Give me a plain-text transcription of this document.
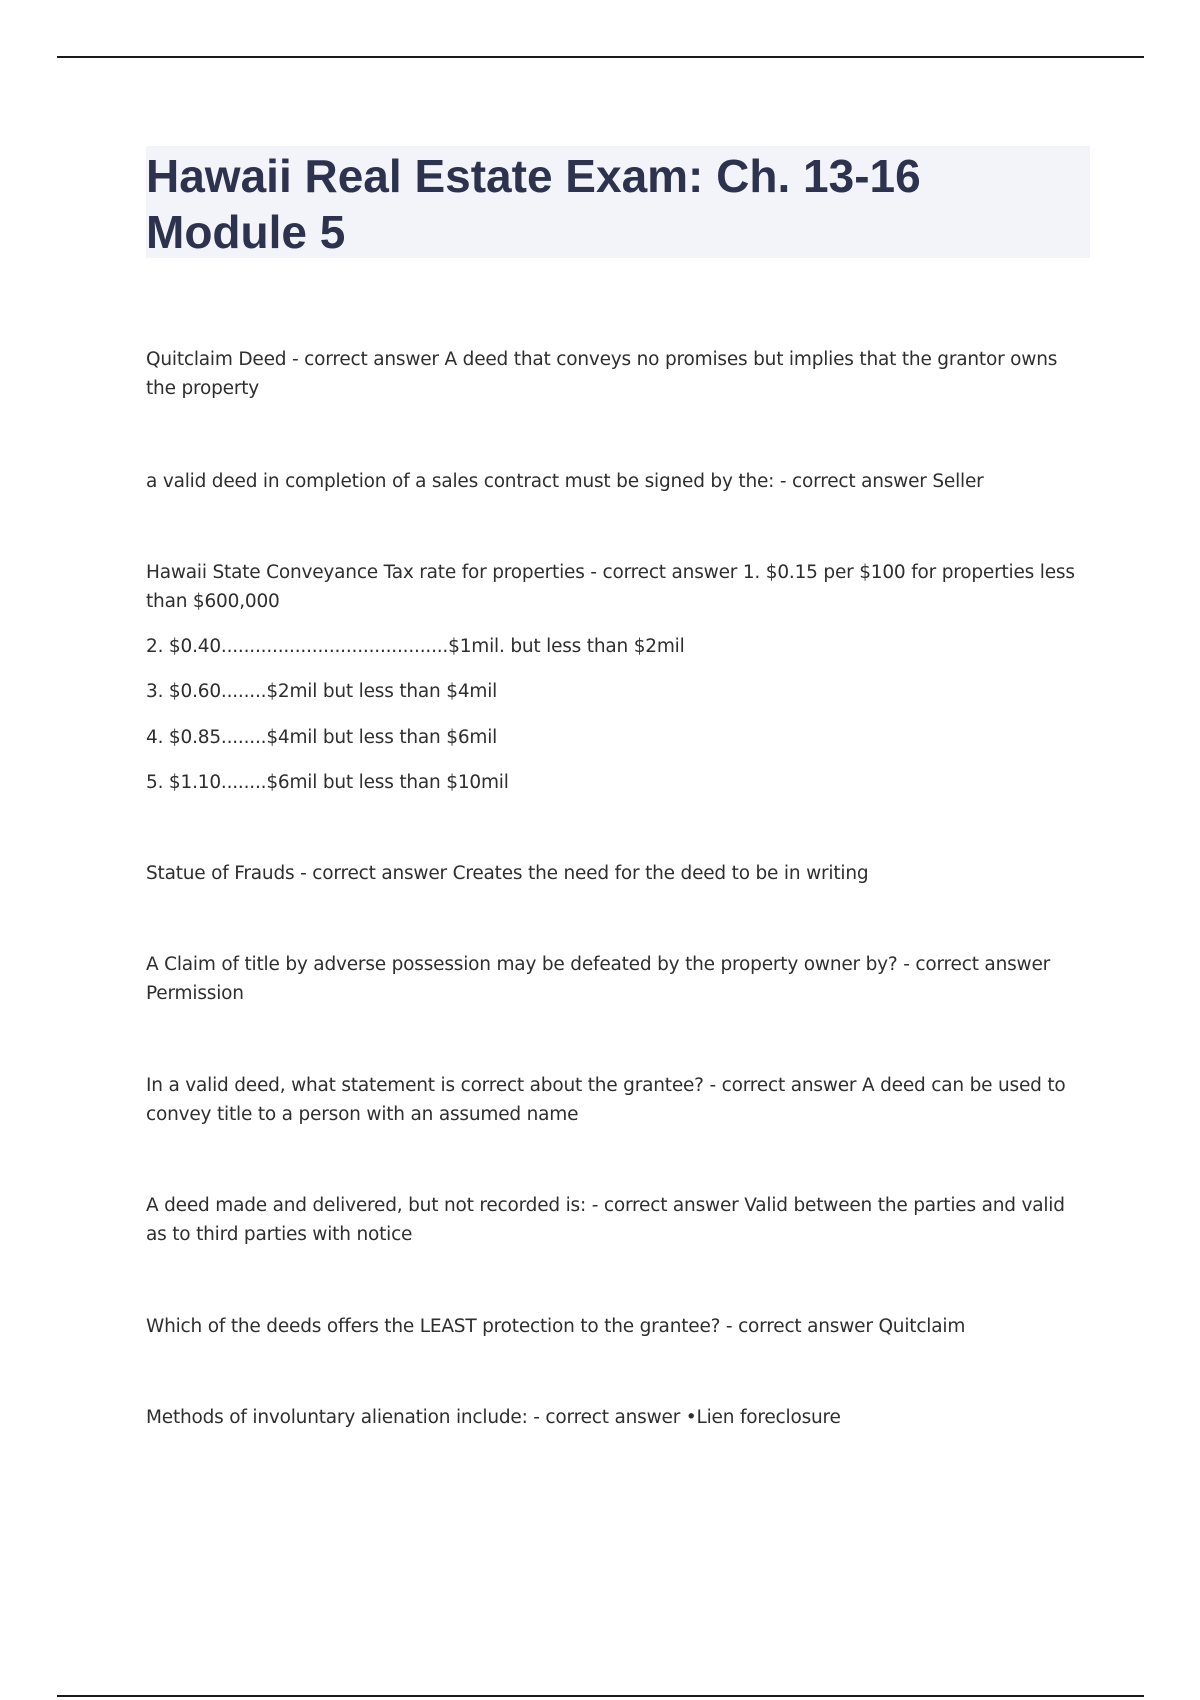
Hawaii Real Estate Exam: Ch. 13-16 Module 5

Quitclaim Deed - correct answer A deed that conveys no promises but implies that the grantor owns the property

a valid deed in completion of a sales contract must be signed by the: - correct answer Seller

Hawaii State Conveyance Tax rate for properties - correct answer 1. $0.15 per $100 for properties less than $600,000

2. $0.40........................................$1mil. but less than $2mil

3. $0.60........$2mil but less than $4mil

4. $0.85........$4mil but less than $6mil

5. $1.10........$6mil but less than $10mil

Statue of Frauds - correct answer Creates the need for the deed to be in writing

A Claim of title by adverse possession may be defeated by the property owner by? - correct answer Permission

In a valid deed, what statement is correct about the grantee? - correct answer A deed can be used to convey title to a person with an assumed name

A deed made and delivered, but not recorded is: - correct answer Valid between the parties and valid as to third parties with notice

Which of the deeds offers the LEAST protection to the grantee? - correct answer Quitclaim

Methods of involuntary alienation include: - correct answer •Lien foreclosure
